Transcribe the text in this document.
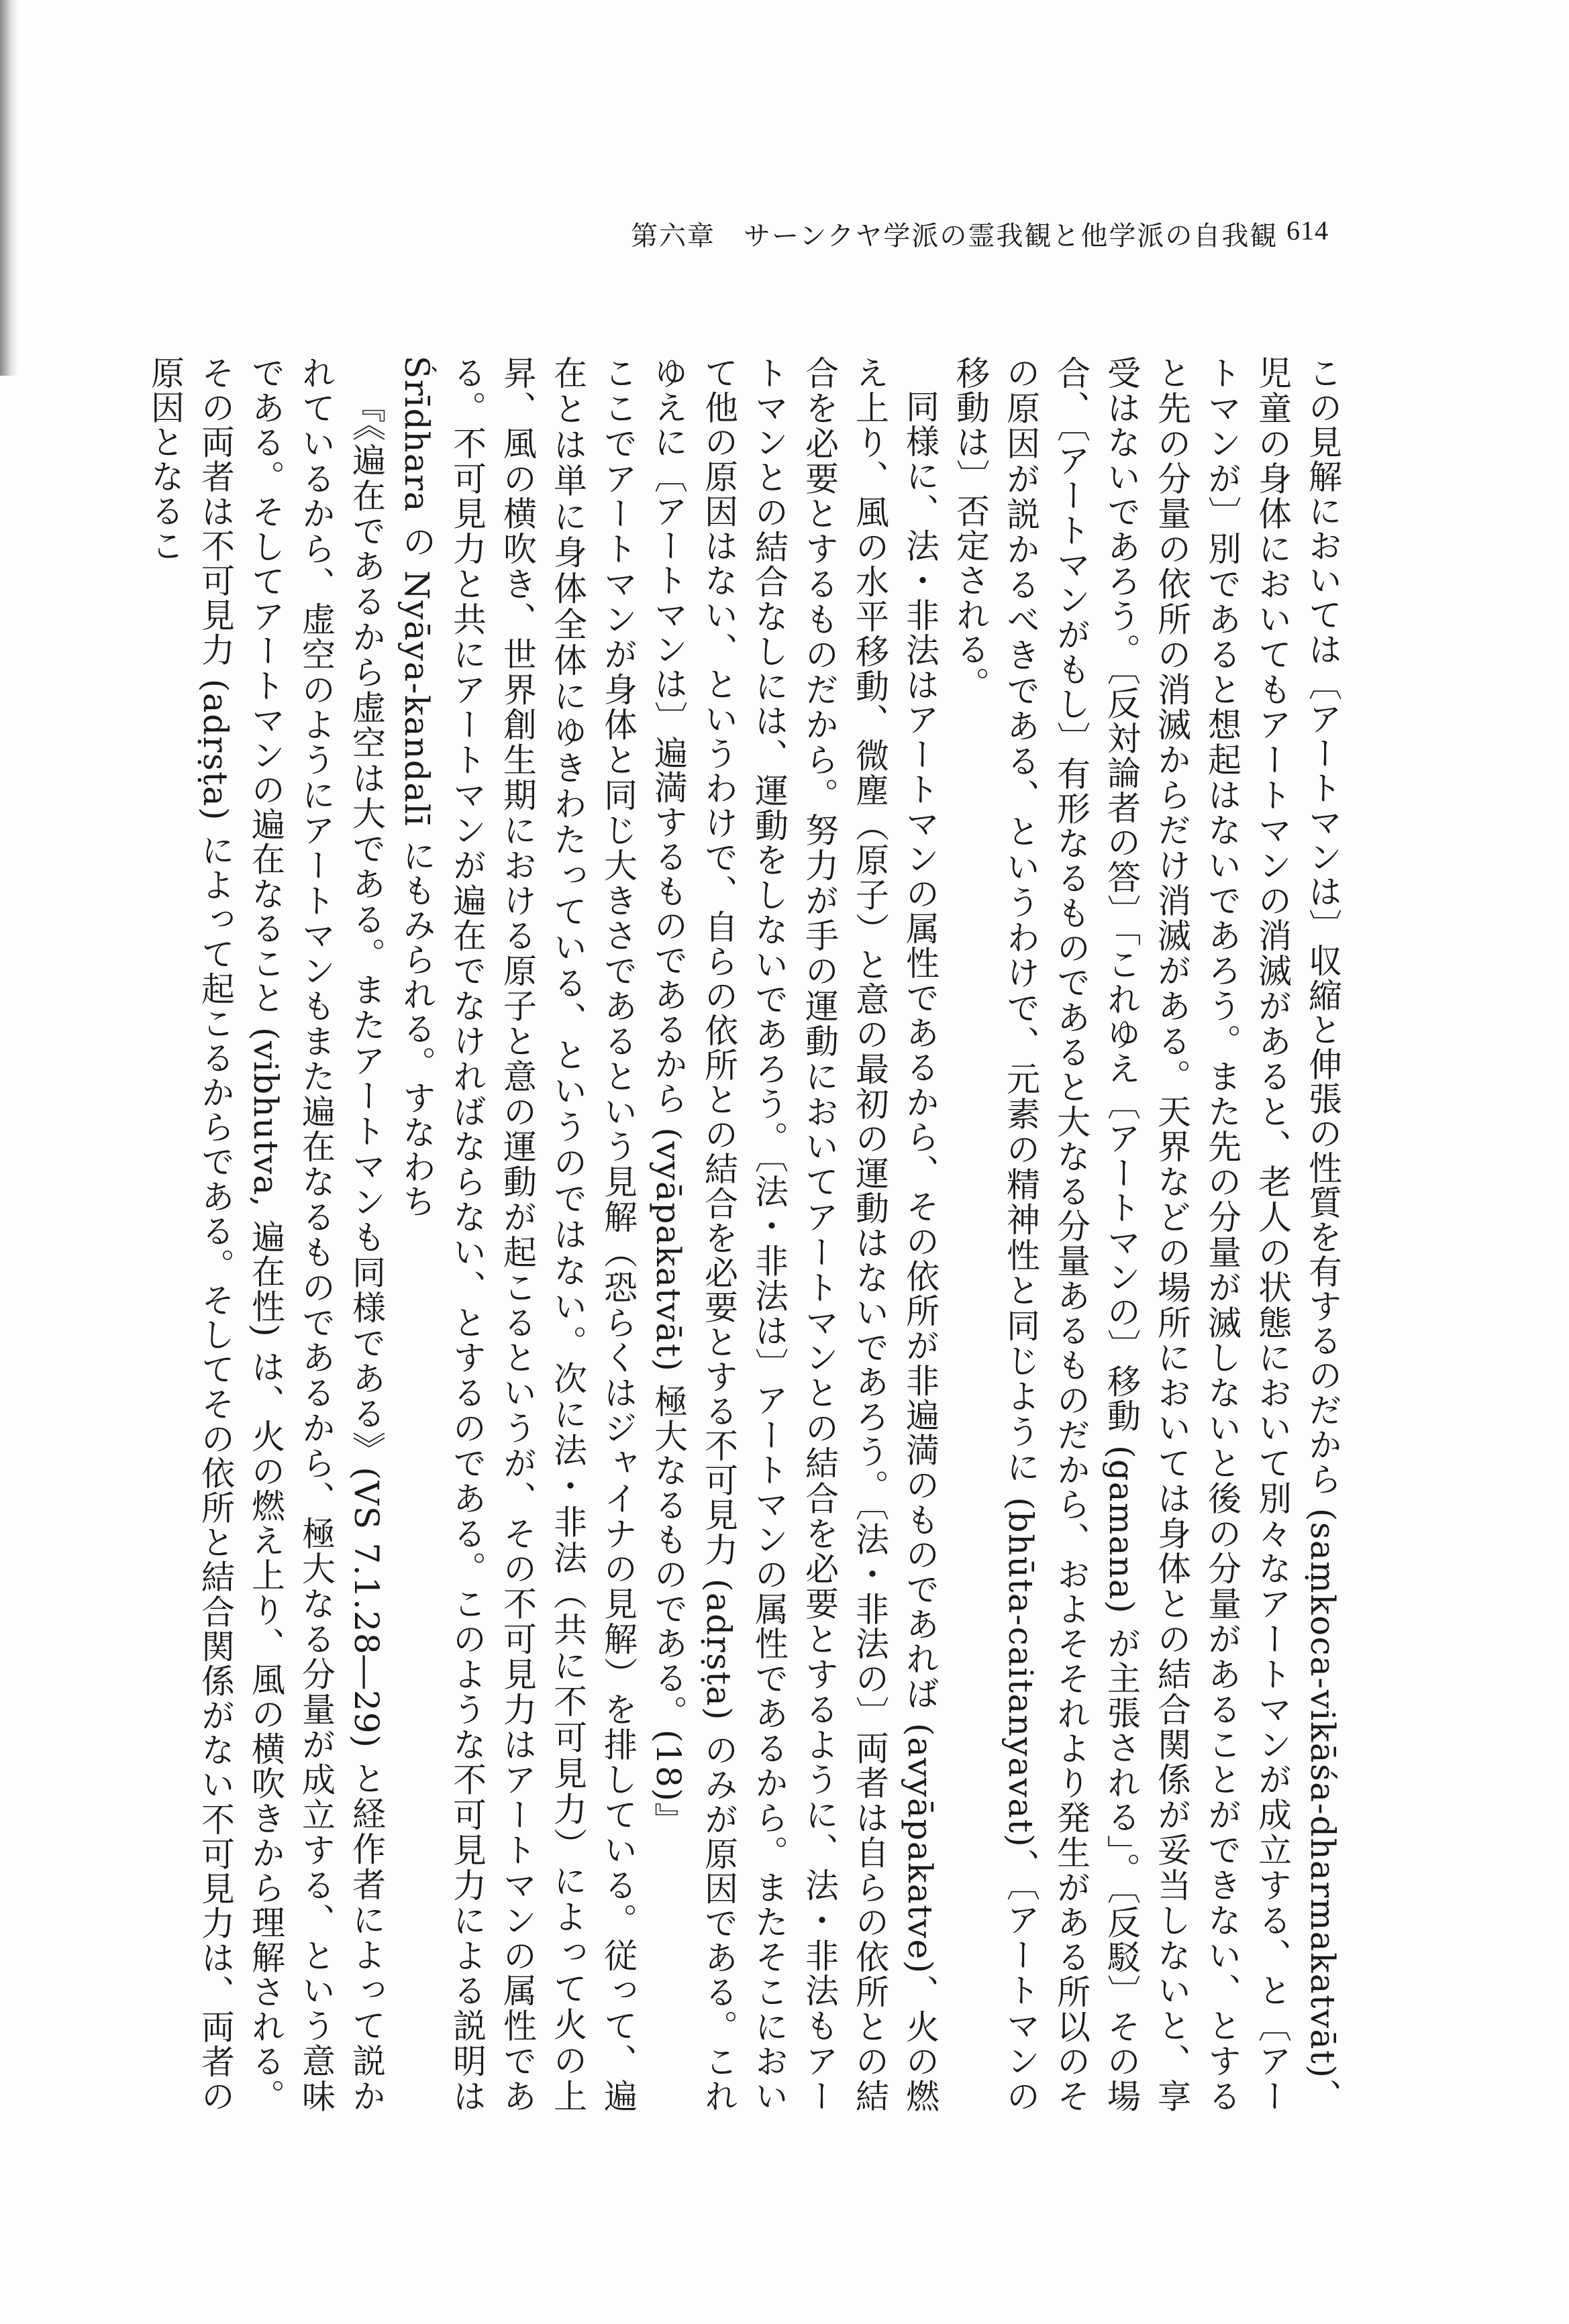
第六章　サーンクヤ学派の霊我観と他学派の自我観 614

この見解においては〔アートマンは〕収縮と伸張の性質を有するのだから (saṃkoca-vikāśa-dharmakatvāt)、児童の身体においてもアートマンの消滅があると、老人の状態において別々なアートマンが成立する、と〔アートマンが〕別であると想起はないであろう。また先の分量が滅しないと後の分量があることができない、とすると先の分量の依所の消滅からだけ消滅がある。天界などの場所においては身体との結合関係が妥当しないと、享受はないであろう。〔反対論者の答〕「これゆえ〔アートマンの〕移動 (gamana) が主張される」。〔反駁〕その場合、〔アートマンがもし〕有形なるものであると大なる分量あるものだから、およそそれより発生がある所以のその原因が説かるべきである、というわけで、元素の精神性と同じように (bhūta-caitanyavat)、〔アートマンの移動は〕否定される。

同様に、法・非法はアートマンの属性であるから、その依所が非遍満のものであれば (avyāpakatve)、火の燃え上り、風の水平移動、微塵（原子）と意の最初の運動はないであろう。〔法・非法の〕両者は自らの依所との結合を必要とするものだから。努力が手の運動においてアートマンとの結合を必要とするように、法・非法もアートマンとの結合なしには、運動をしないであろう。〔法・非法は〕アートマンの属性であるから。またそこにおいて他の原因はない、というわけで、自らの依所との結合を必要とする不可見力 (adṛṣṭa) のみが原因である。これゆえに〔アートマンは〕遍満するものであるから (vyāpakatvāt) 極大なるものである。(18)』

ここでアートマンが身体と同じ大きさであるという見解（恐らくはジャイナの見解）を排している。従って、遍在とは単に身体全体にゆきわたっている、というのではない。次に法・非法（共に不可見力）によって火の上昇、風の横吹き、世界創生期における原子と意の運動が起こるというが、その不可見力はアートマンの属性である。不可見力と共にアートマンが遍在でなければならない、とするのである。このような不可見力による説明は Śrīdhara の Nyāya-kandalī にもみられる。すなわち

『《遍在であるから虚空は大である。またアートマンも同様である》(VS 7.1.28―29) と経作者によって説かれているから、虚空のようにアートマンもまた遍在なるものであるから、極大なる分量が成立する、という意味である。そしてアートマンの遍在なること (vibhutva, 遍在性) は、火の燃え上り、風の横吹きから理解される。その両者は不可見力 (adṛṣṭa) によって起こるからである。そしてその依所と結合関係がない不可見力は、両者の原因となるこ
